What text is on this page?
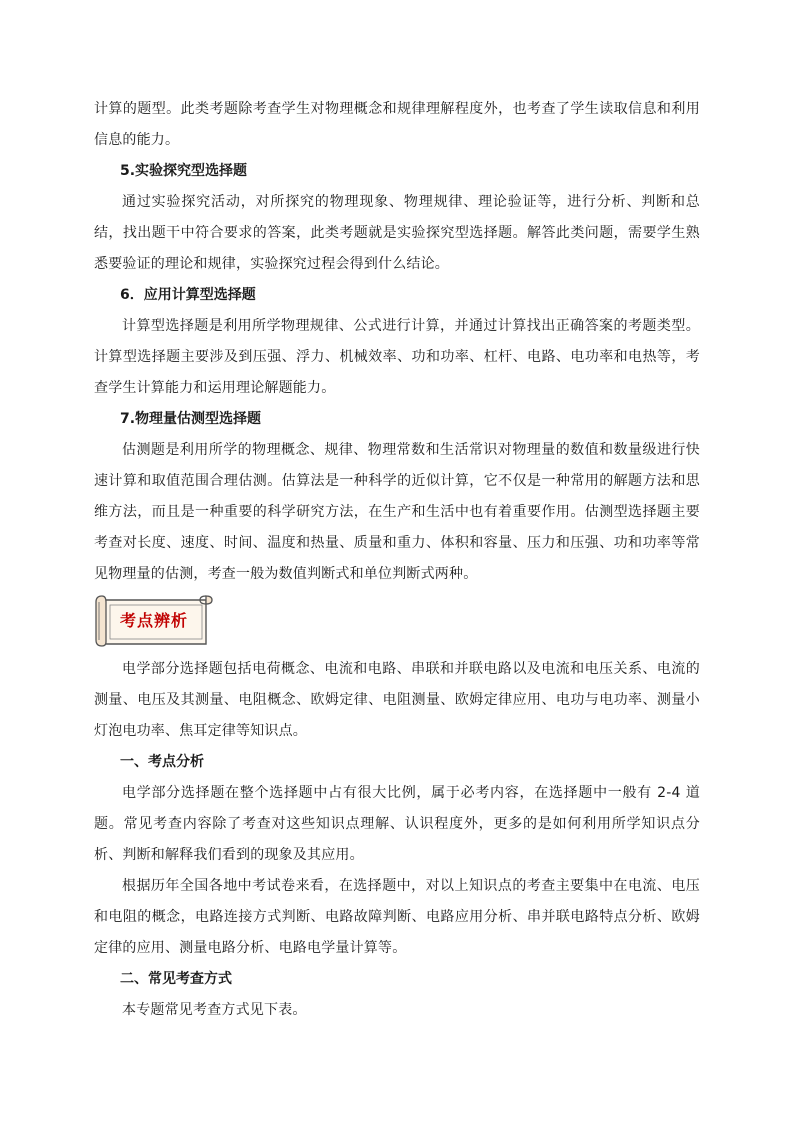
计算的题型。此类考题除考查学生对物理概念和规律理解程度外，也考查了学生读取信息和利用信息的能力。

5.实验探究型选择题

通过实验探究活动，对所探究的物理现象、物理规律、理论验证等，进行分析、判断和总结，找出题干中符合要求的答案，此类考题就是实验探究型选择题。解答此类问题，需要学生熟悉要验证的理论和规律，实验探究过程会得到什么结论。

6．应用计算型选择题

计算型选择题是利用所学物理规律、公式进行计算，并通过计算找出正确答案的考题类型。计算型选择题主要涉及到压强、浮力、机械效率、功和功率、杠杆、电路、电功率和电热等，考查学生计算能力和运用理论解题能力。

7.物理量估测型选择题

估测题是利用所学的物理概念、规律、物理常数和生活常识对物理量的数值和数量级进行快速计算和取值范围合理估测。估算法是一种科学的近似计算，它不仅是一种常用的解题方法和思维方法，而且是一种重要的科学研究方法，在生产和生活中也有着重要作用。估测型选择题主要考查对长度、速度、时间、温度和热量、质量和重力、体积和容量、压力和压强、功和功率等常见物理量的估测，考查一般为数值判断式和单位判断式两种。

考点辨析

电学部分选择题包括电荷概念、电流和电路、串联和并联电路以及电流和电压关系、电流的测量、电压及其测量、电阻概念、欧姆定律、电阻测量、欧姆定律应用、电功与电功率、测量小灯泡电功率、焦耳定律等知识点。

一、考点分析

电学部分选择题在整个选择题中占有很大比例，属于必考内容，在选择题中一般有 2-4 道题。常见考查内容除了考查对这些知识点理解、认识程度外，更多的是如何利用所学知识点分析、判断和解释我们看到的现象及其应用。

根据历年全国各地中考试卷来看，在选择题中，对以上知识点的考查主要集中在电流、电压和电阻的概念，电路连接方式判断、电路故障判断、电路应用分析、串并联电路特点分析、欧姆定律的应用、测量电路分析、电路电学量计算等。

二、常见考查方式

本专题常见考查方式见下表。
